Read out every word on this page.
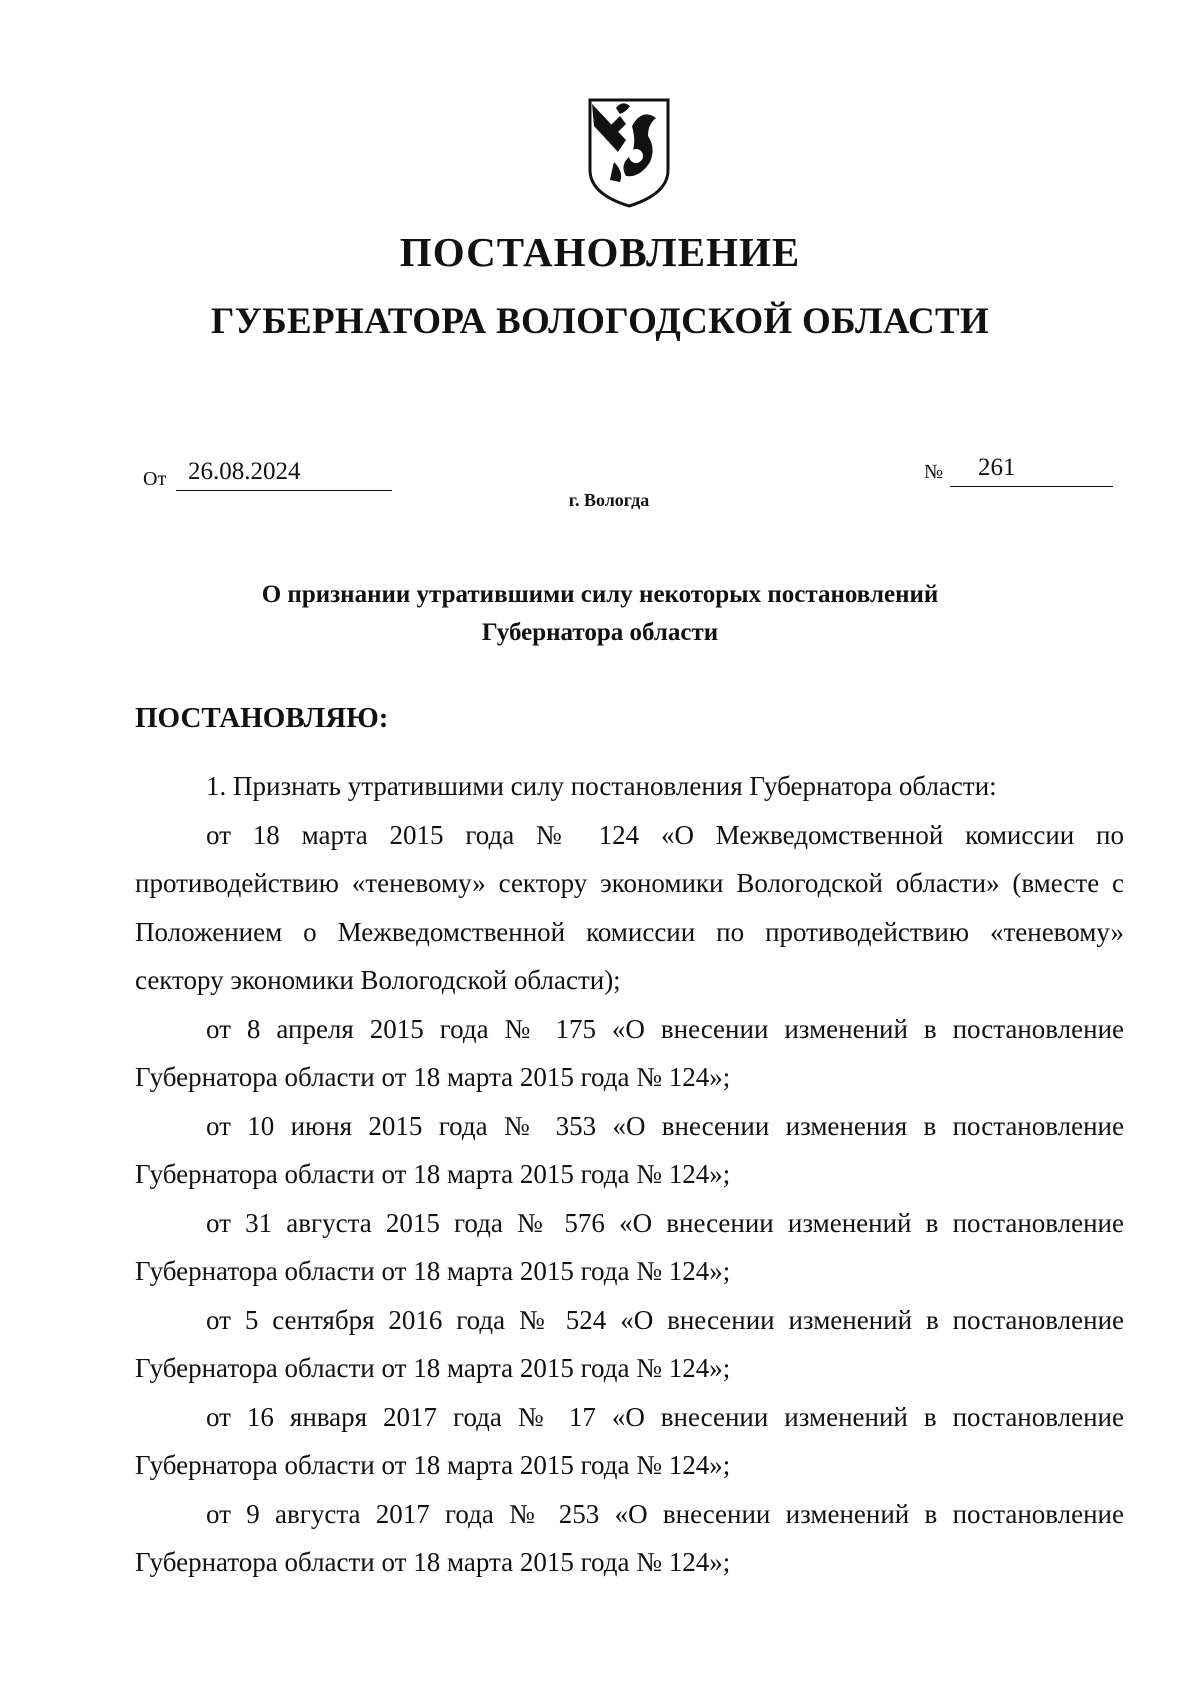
ПОСТАНОВЛЕНИЕ
ГУБЕРНАТОРА ВОЛОГОДСКОЙ ОБЛАСТИ
От 26.08.2024	№ 261
г. Вологда
О признании утратившими силу некоторых постановлений
Губернатора области
ПОСТАНОВЛЯЮ:

1. Признать утратившими силу постановления Губернатора области:

от 18 марта 2015 года № 124 «О Межведомственной комиссии по противодействию «теневому» сектору экономики Вологодской области» (вместе с Положением о Межведомственной комиссии по противодействию «теневому» сектору экономики Вологодской области);

от 8 апреля 2015 года № 175 «О внесении изменений в постановление Губернатора области от 18 марта 2015 года № 124»;

от 10 июня 2015 года № 353 «О внесении изменения в постановление Губернатора области от 18 марта 2015 года № 124»;

от 31 августа 2015 года № 576 «О внесении изменений в постановление Губернатора области от 18 марта 2015 года № 124»;

от 5 сентября 2016 года № 524 «О внесении изменений в постановление Губернатора области от 18 марта 2015 года № 124»;

от 16 января 2017 года № 17 «О внесении изменений в постановление Губернатора области от 18 марта 2015 года № 124»;

от 9 августа 2017 года № 253 «О внесении изменений в постановление Губернатора области от 18 марта 2015 года № 124»;
